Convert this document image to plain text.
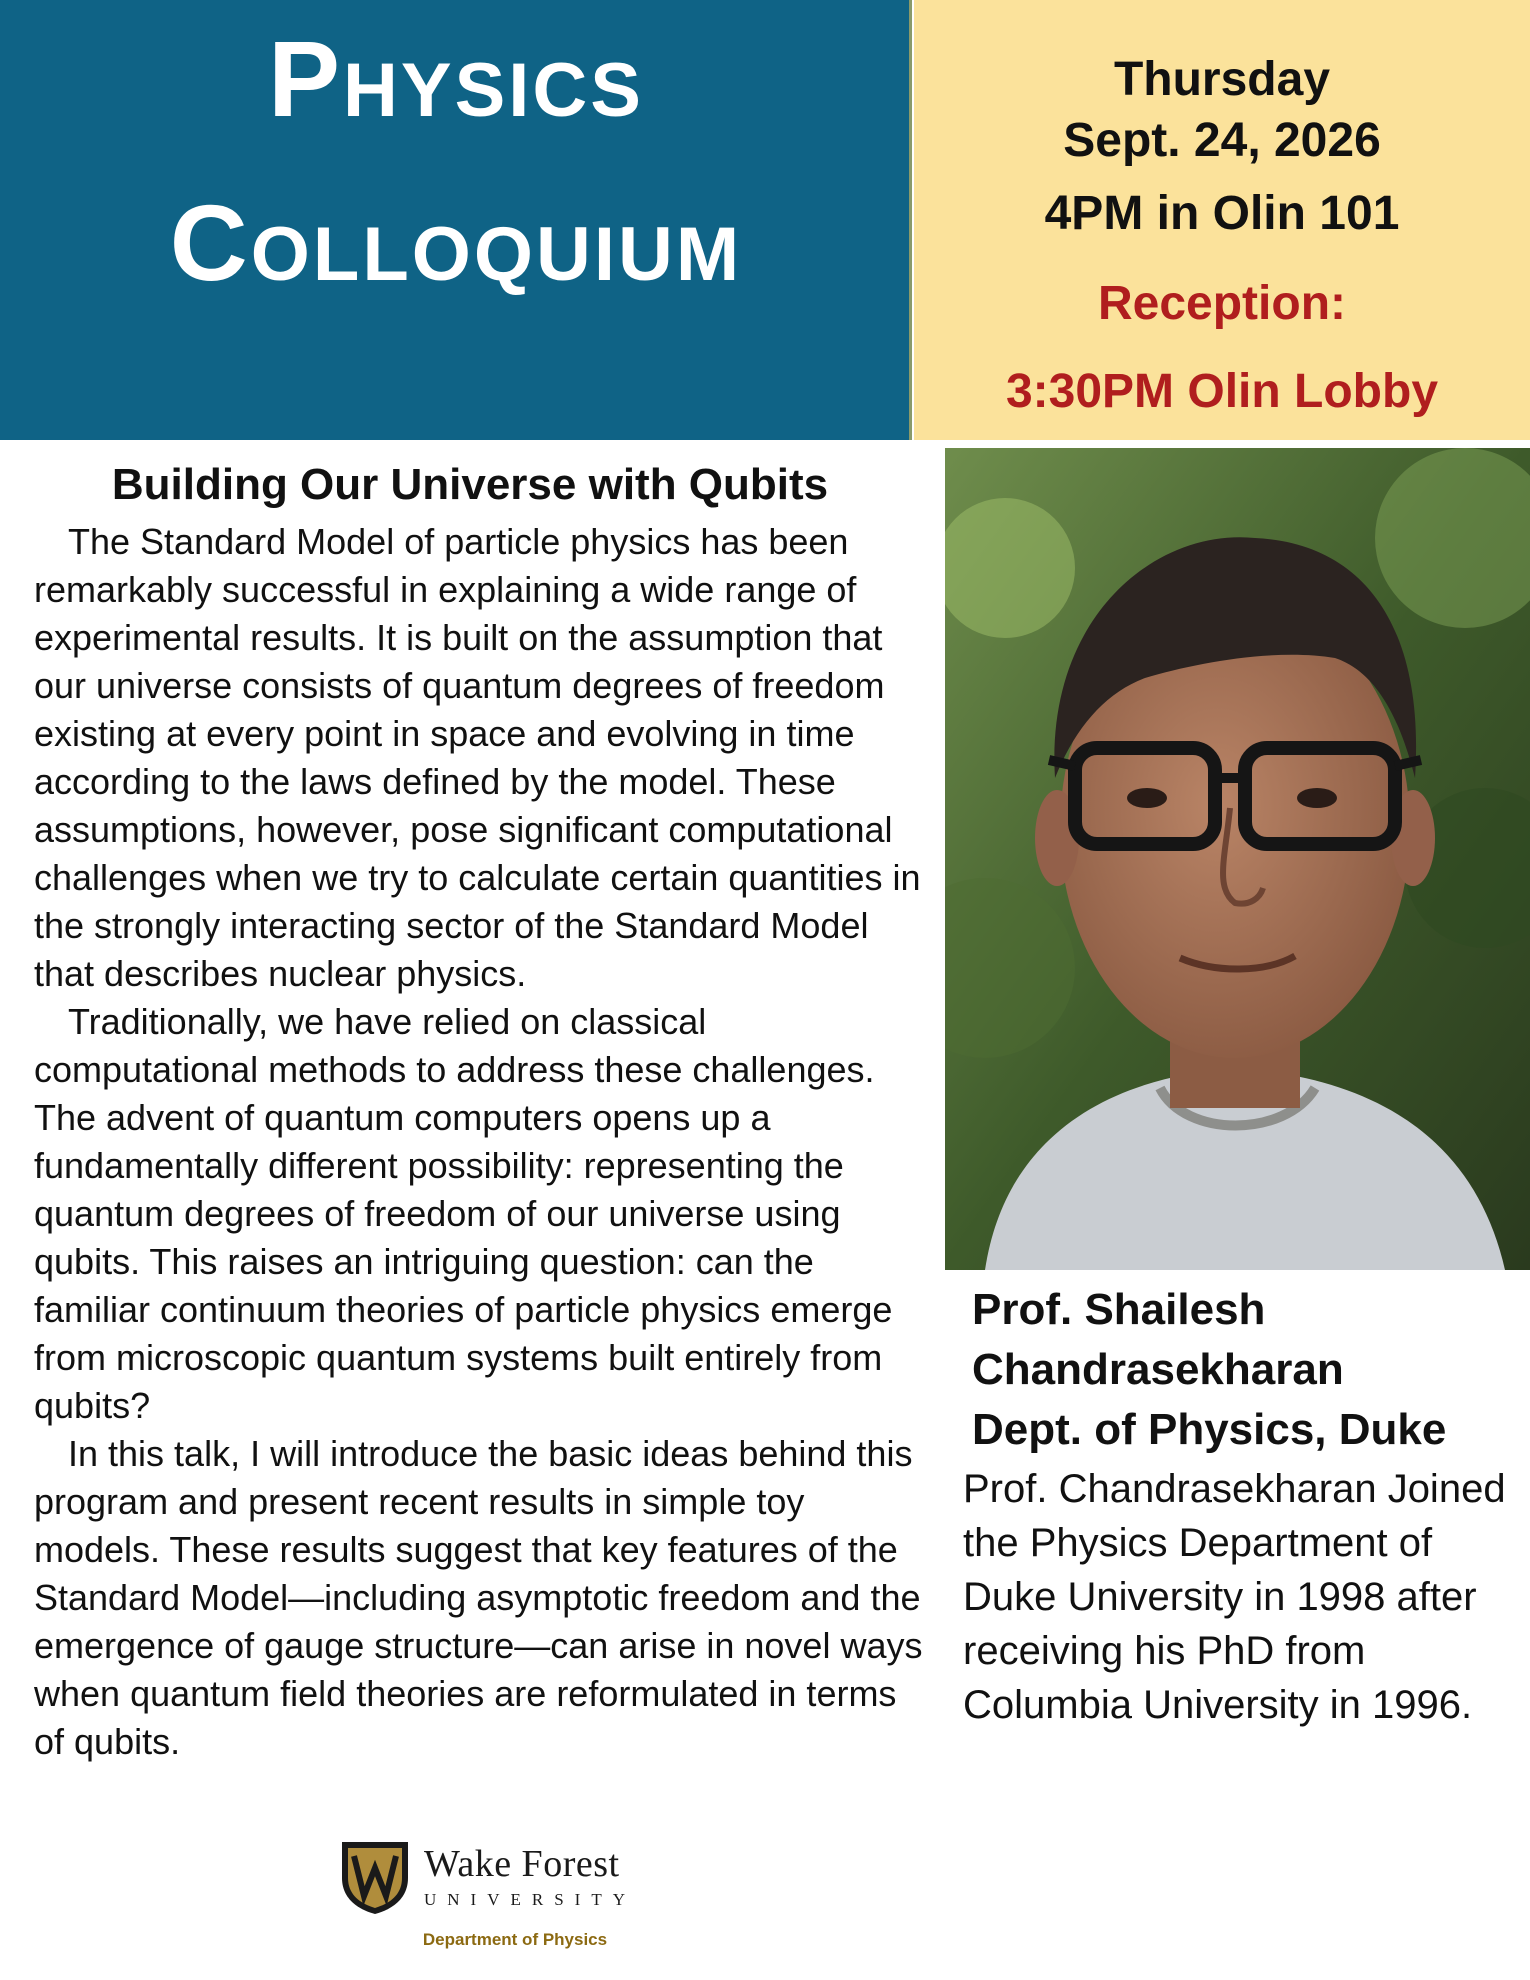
Physics
Colloquium
Thursday
Sept. 24, 2026
4PM in Olin 101
Reception:
3:30PM Olin Lobby
Building Our Universe with Qubits

The Standard Model of particle physics has been remarkably successful in explaining a wide range of experimental results. It is built on the assumption that our universe consists of quantum degrees of freedom existing at every point in space and evolving in time according to the laws defined by the model. These assumptions, however, pose significant computational challenges when we try to calculate certain quantities in the strongly interacting sector of the Standard Model that describes nuclear physics.

Traditionally, we have relied on classical computational methods to address these challenges. The advent of quantum computers opens up a fundamentally different possibility: representing the quantum degrees of freedom of our universe using qubits. This raises an intriguing question: can the familiar continuum theories of particle physics emerge from microscopic quantum systems built entirely from qubits?

In this talk, I will introduce the basic ideas behind this program and present recent results in simple toy models. These results suggest that key features of the Standard Model—including asymptotic freedom and the emergence of gauge structure—can arise in novel ways when quantum field theories are reformulated in terms of qubits.

Prof. Shailesh
Chandrasekharan
Dept. of Physics, Duke
Prof. Chandrasekharan Joined the Physics Department of Duke University in 1998 after receiving his PhD from Columbia University in 1996.
Wake Forest
UNIVERSITY
Department of Physics
